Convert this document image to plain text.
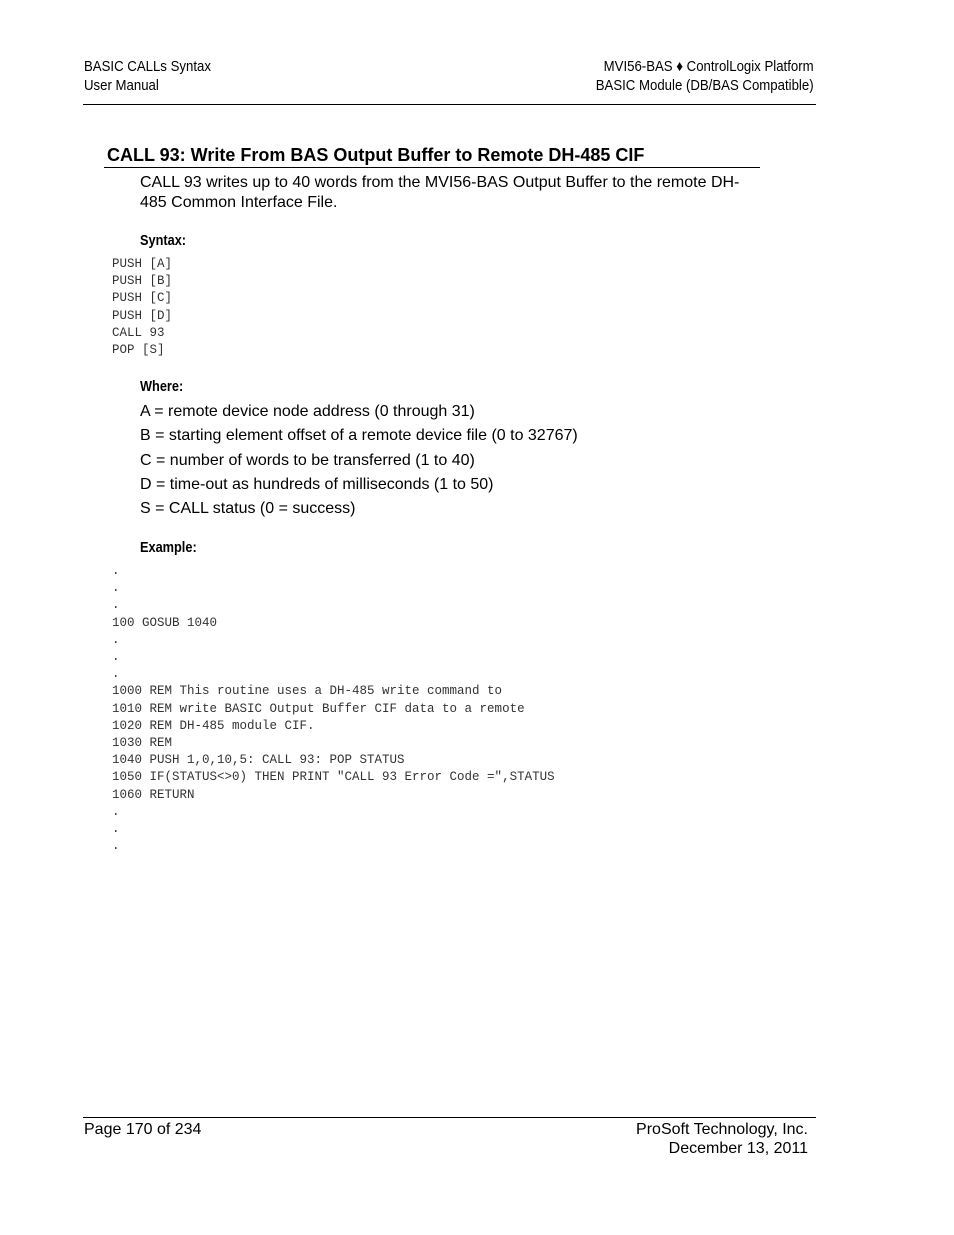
BASIC CALLs Syntax
User Manual
MVI56-BAS ♦ ControlLogix Platform
BASIC Module (DB/BAS Compatible)
CALL 93: Write From BAS Output Buffer to Remote DH-485 CIF

CALL 93 writes up to 40 words from the MVI56-BAS Output Buffer to the remote DH-485 Common Interface File.

Syntax:

PUSH [A]
PUSH [B]
PUSH [C]
PUSH [D]
CALL 93
POP [S]

Where:

A = remote device node address (0 through 31)
B = starting element offset of a remote device file (0 to 32767)
C = number of words to be transferred (1 to 40)
D = time-out as hundreds of milliseconds (1 to 50)
S = CALL status (0 = success)

Example:

.
.
.
100 GOSUB 1040
.
.
.
1000 REM This routine uses a DH-485 write command to
1010 REM write BASIC Output Buffer CIF data to a remote
1020 REM DH-485 module CIF.
1030 REM
1040 PUSH 1,0,10,5: CALL 93: POP STATUS
1050 IF(STATUS<>0) THEN PRINT "CALL 93 Error Code =",STATUS
1060 RETURN
.
.
.
Page 170 of 234	ProSoft Technology, Inc.
December 13, 2011
